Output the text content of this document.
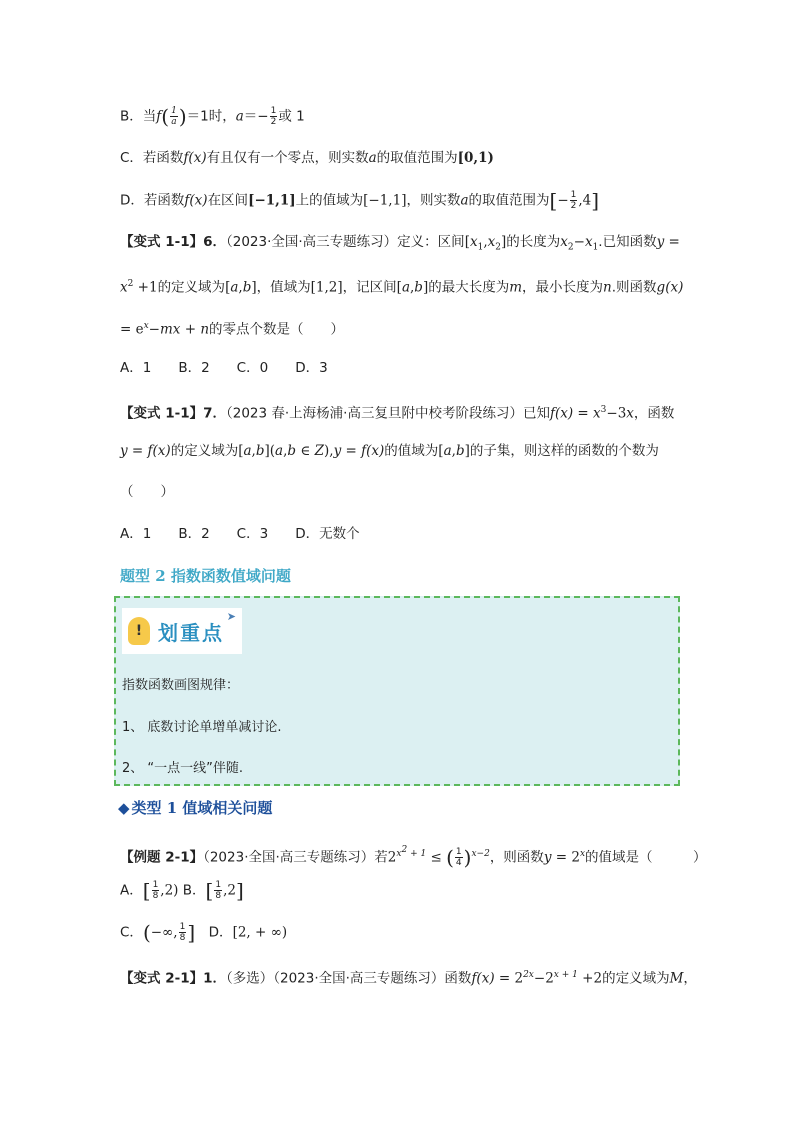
B．当$f( \frac{1}{a} )=1$时，$a=- \frac{1}{2}$ 或 1
C．若函数f(x)有且仅有一个零点，则实数a的取值范围为[0,1)
D．若函数f(x)在区间[−1,1]上的值域为[−1,1]，则实数a的取值范围为[− $\frac{1}{2} ,4$]
【变式 1-1】6．（2023·全国·高三专题练习）定义：区间$[x_1,x_2]$的长度为$x_2-x_1$.已知函数y =
$x^2 +1$的定义域为[a,b]，值域为[1,2]，记区间[a,b]的最大长度为m，最小长度为n.则函数g(x)
= $e^x-mx + n$的零点个数是（　　）
A．1　　B．2　　C．0　　D．3
【变式 1-1】7．（2023 春·上海杨浦·高三复旦附中校考阶段练习）已知$f(x) = x^3-3x$，函数
y = f(x)的定义域为[a,b](a,b ∈ Z),y = f(x)的值域为[a,b]的子集，则这样的函数的个数为
（　　）
A．1　　B．2　　C．3　　D．无数个
题型 2 指数函数值域问题
! 划重点
➤
指数函数画图规律：
1、 底数讨论单增单减讨论.
2、 “一点一线”伴随.
◆ 类型 1 值域相关问题
【例题 2-1】（2023·全国·高三专题练习）若$2^{x^2 + 1}$ ≤ ( $\frac{1}{4} )^{x-2}$，则函数$y = 2^x$的值域是（　　　）
A．[ $\frac{1}{8} ,2$) B．[ $\frac{1}{8} ,2$]
C．(−∞, $\frac{1}{8}$ ]　D．[2, + ∞)
【变式 2-1】1．（多选）（2023·全国·高三专题练习）函数$f(x) = 2^{2x}-2^{x + 1} +2$的定义域为M，
